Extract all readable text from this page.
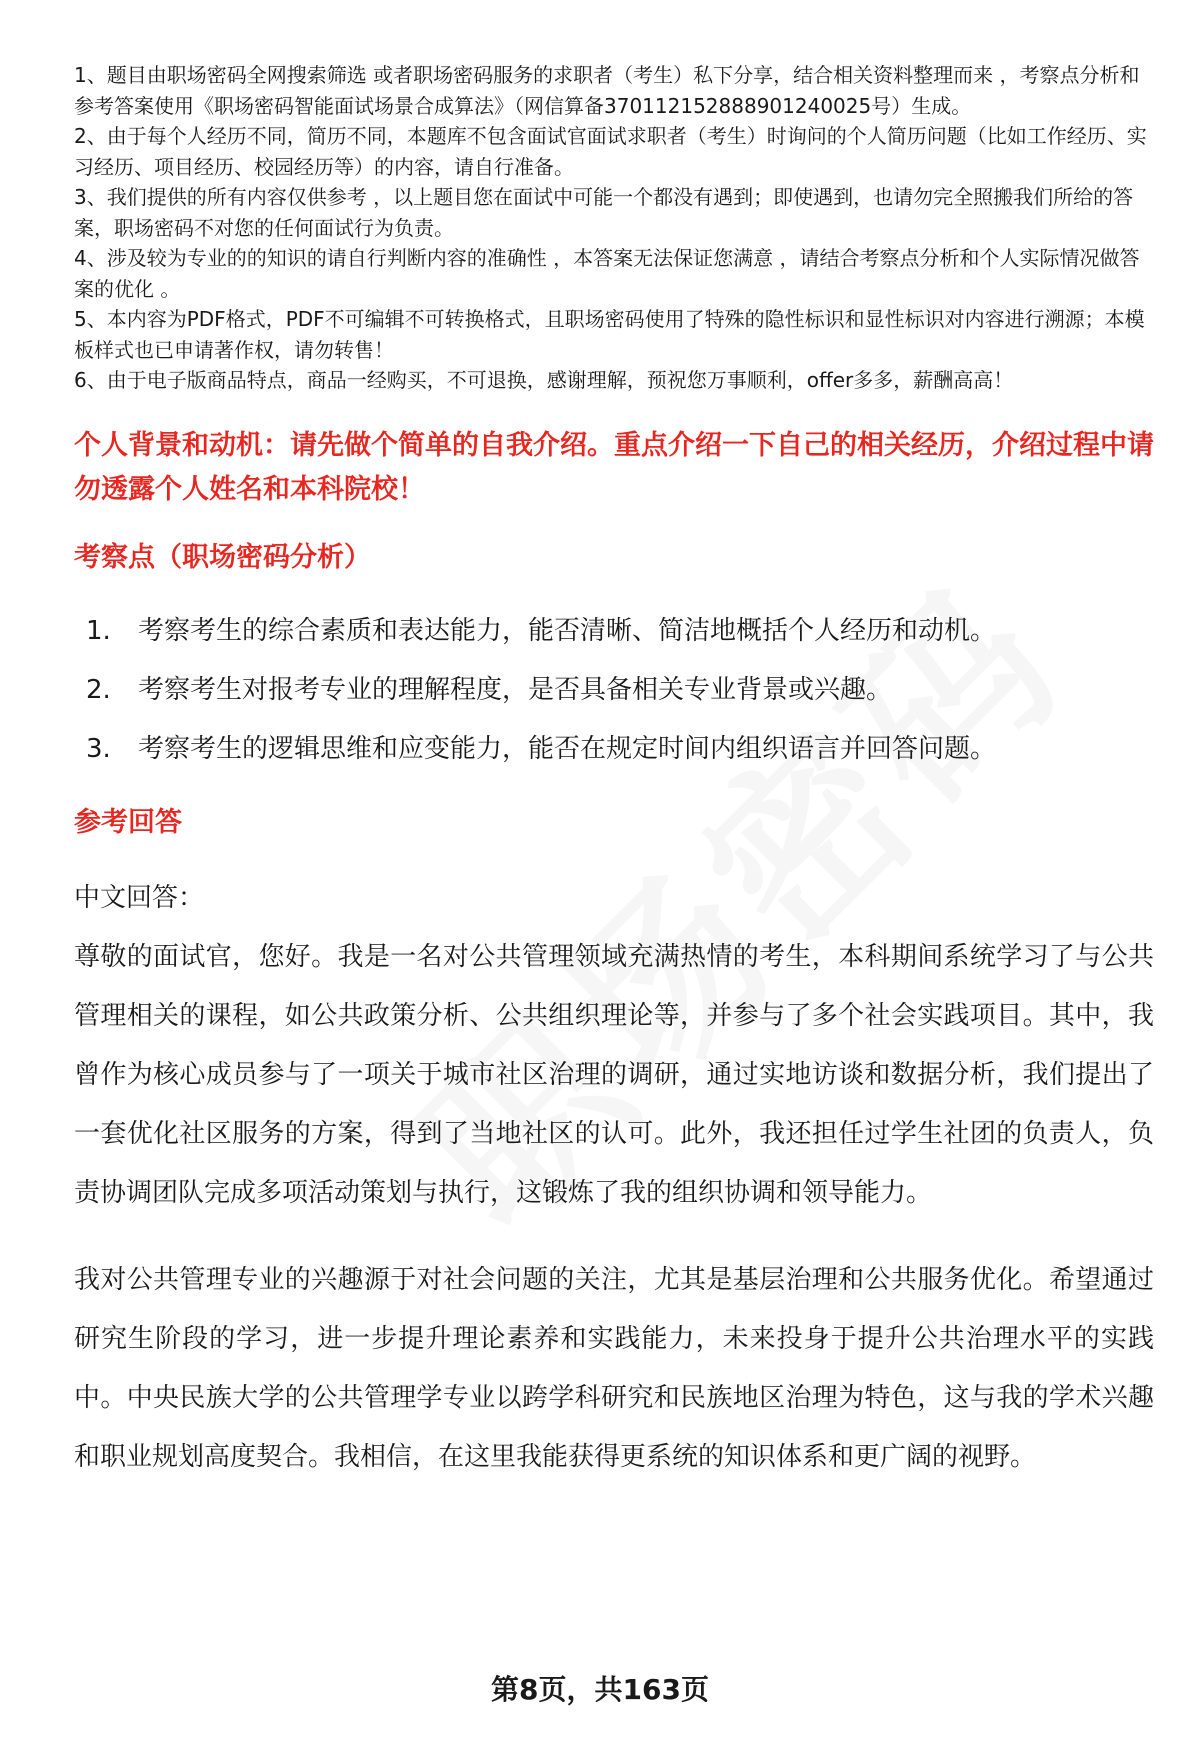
1、题目由职场密码全网搜索筛选 或者职场密码服务的求职者（考生）私下分享，结合相关资料整理而来 ，考察点分析和参考答案使用《职场密码智能面试场景合成算法》（网信算备370112152888901240025号）生成。

2、由于每个人经历不同，简历不同，本题库不包含面试官面试求职者（考生）时询问的个人简历问题（比如工作经历、实习经历、项目经历、校园经历等）的内容，请自行准备。

3、我们提供的所有内容仅供参考 ，以上题目您在面试中可能一个都没有遇到；即使遇到，也请勿完全照搬我们所给的答案，职场密码不对您的任何面试行为负责。

4、涉及较为专业的的知识的请自行判断内容的准确性 ，本答案无法保证您满意 ，请结合考察点分析和个人实际情况做答案的优化 。

5、本内容为PDF格式，PDF不可编辑不可转换格式，且职场密码使用了特殊的隐性标识和显性标识对内容进行溯源；本模板样式也已申请著作权，请勿转售！

6、由于电子版商品特点，商品一经购买，不可退换，感谢理解，预祝您万事顺利，offer多多，薪酬高高！

个人背景和动机：请先做个简单的自我介绍。重点介绍一下自己的相关经历，介绍过程中请勿透露个人姓名和本科院校！
考察点（职场密码分析）
1.	考察考生的综合素质和表达能力，能否清晰、简洁地概括个人经历和动机。
2.	考察考生对报考专业的理解程度，是否具备相关专业背景或兴趣。
3.	考察考生的逻辑思维和应变能力，能否在规定时间内组织语言并回答问题。
参考回答
中文回答：

尊敬的面试官，您好。我是一名对公共管理领域充满热情的考生，本科期间系统学习了与公共管理相关的课程，如公共政策分析、公共组织理论等，并参与了多个社会实践项目。其中，我曾作为核心成员参与了一项关于城市社区治理的调研，通过实地访谈和数据分析，我们提出了一套优化社区服务的方案，得到了当地社区的认可。此外，我还担任过学生社团的负责人，负责协调团队完成多项活动策划与执行，这锻炼了我的组织协调和领导能力。

我对公共管理专业的兴趣源于对社会问题的关注，尤其是基层治理和公共服务优化。希望通过研究生阶段的学习，进一步提升理论素养和实践能力，未来投身于提升公共治理水平的实践中。中央民族大学的公共管理学专业以跨学科研究和民族地区治理为特色，这与我的学术兴趣和职业规划高度契合。我相信，在这里我能获得更系统的知识体系和更广阔的视野。

第8页，共163页
